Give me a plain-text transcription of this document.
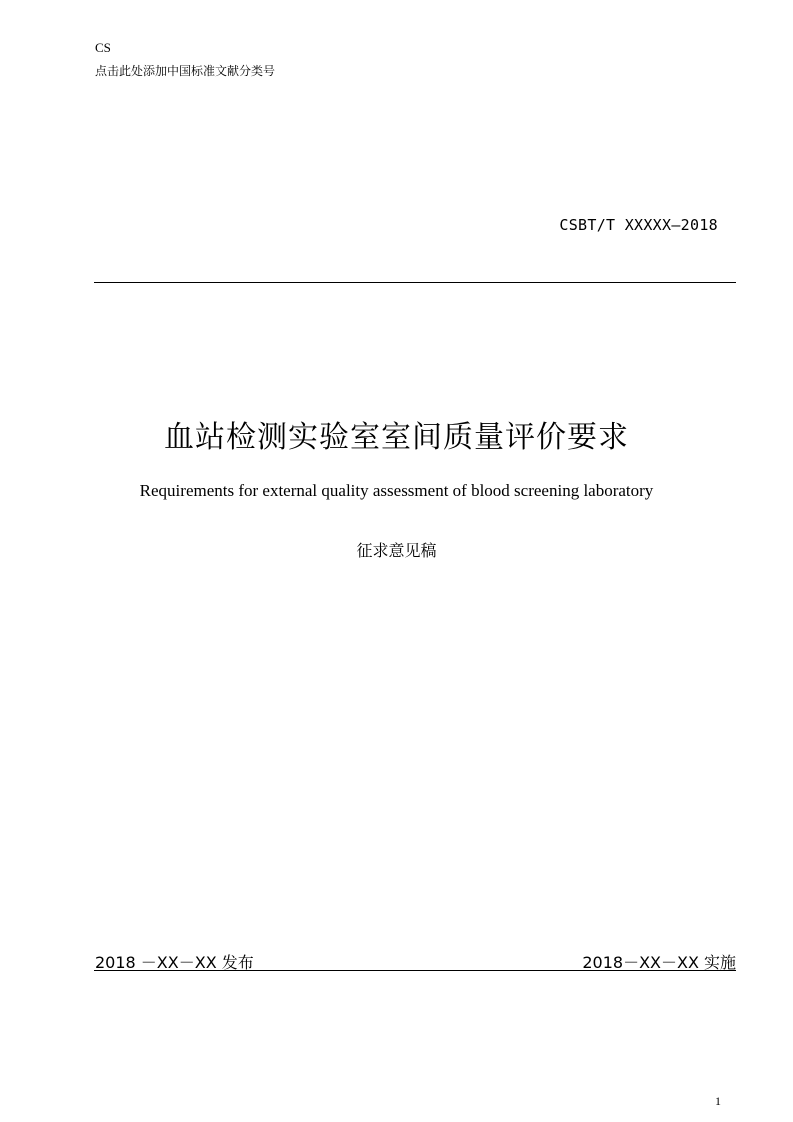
CS
点击此处添加中国标准文献分类号
CSBT/T XXXXX—2018
血站检测实验室室间质量评价要求
Requirements for external quality assessment of blood screening laboratory
征求意见稿
2018 －XX－XX 发布	2018－XX－XX 实施
1
